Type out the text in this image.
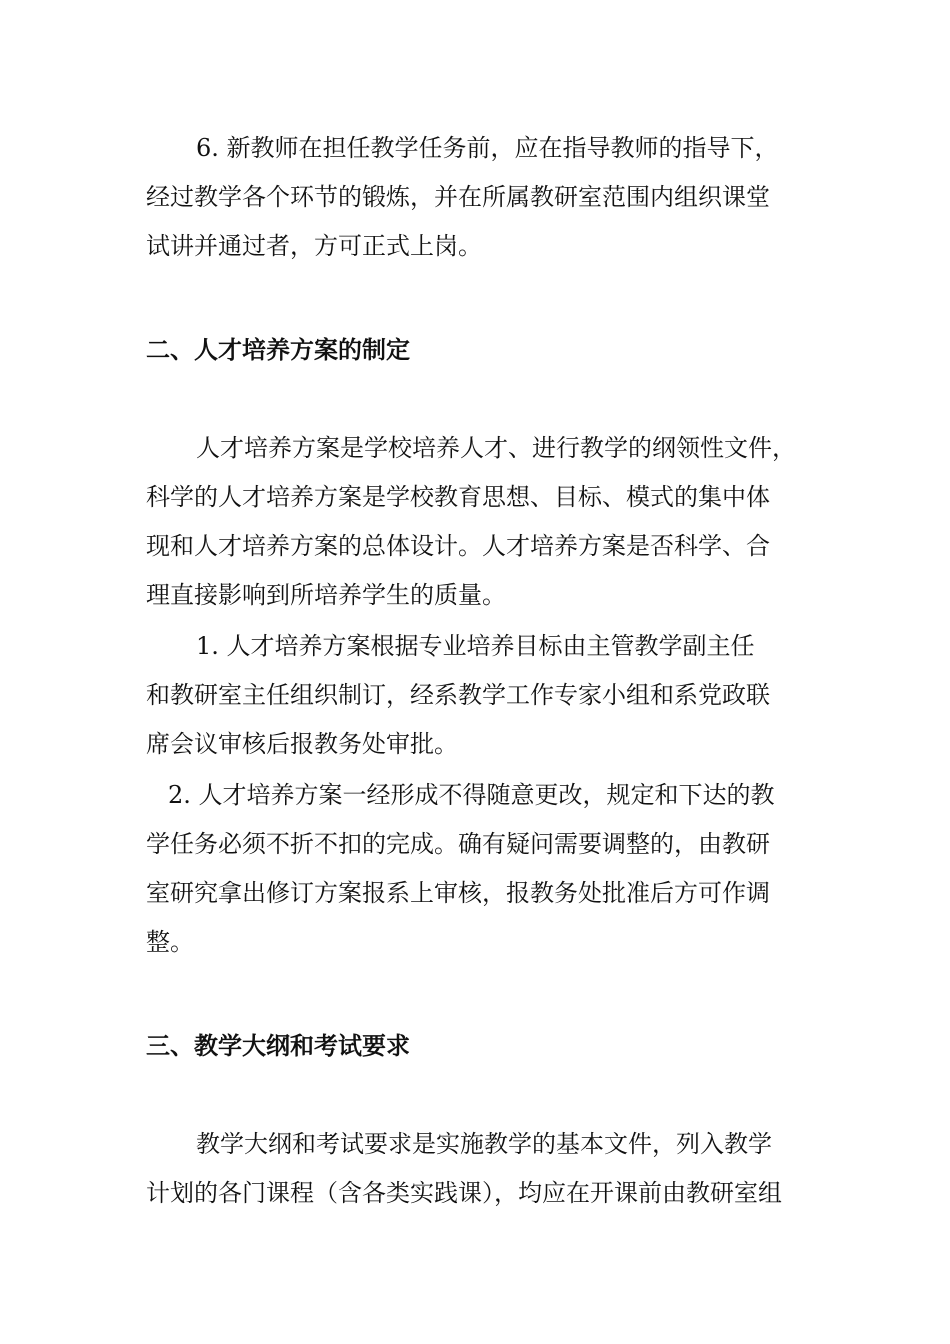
6. 新教师在担任教学任务前，应在指导教师的指导下，
经过教学各个环节的锻炼，并在所属教研室范围内组织课堂
试讲并通过者，方可正式上岗。
二、人才培养方案的制定
人才培养方案是学校培养人才、进行教学的纲领性文件，
科学的人才培养方案是学校教育思想、目标、模式的集中体
现和人才培养方案的总体设计。人才培养方案是否科学、合
理直接影响到所培养学生的质量。
1. 人才培养方案根据专业培养目标由主管教学副主任
和教研室主任组织制订，经系教学工作专家小组和系党政联
席会议审核后报教务处审批。
2. 人才培养方案一经形成不得随意更改，规定和下达的教
学任务必须不折不扣的完成。确有疑问需要调整的，由教研
室研究拿出修订方案报系上审核，报教务处批准后方可作调
整。
三、教学大纲和考试要求
教学大纲和考试要求是实施教学的基本文件，列入教学
计划的各门课程（含各类实践课），均应在开课前由教研室组
